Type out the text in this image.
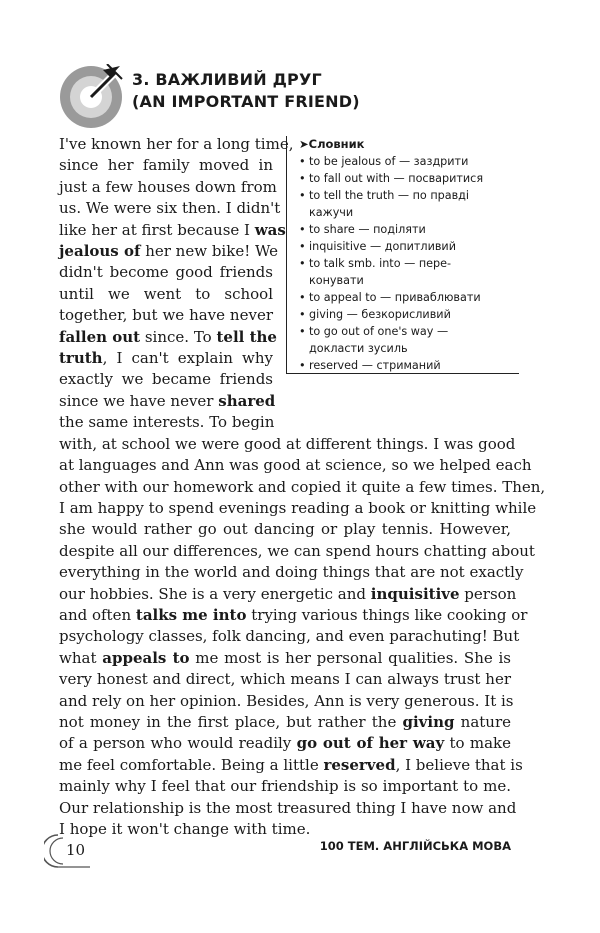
3. ВАЖЛИВИЙ ДРУГ
(AN IMPORTANT FRIEND)
➤Словник
• to be jealous of — заздрити
• to fall out with — посваритися
• to tell the truth — по правді
кажучи
• to share — поділяти
• inquisitive — допитливий
• to talk smb. into — пере-
конувати
• to appeal to — приваблювати
• giving — безкорисливий
• to go out of one's way —
докласти зусиль
• reserved — стриманий
I've known her for a long time,
since her family moved in
just a few houses down from
us. We were six then. I didn't
like her at first because I was
jealous of her new bike! We
didn't become good friends
until we went to school
together, but we have never
fallen out since. To tell the
truth, I can't explain why
exactly we became friends
since we have never shared
the same interests. To begin
with, at school we were good at different things. I was good
at languages and Ann was good at science, so we helped each
other with our homework and copied it quite a few times. Then,
I am happy to spend evenings reading a book or knitting while
she would rather go out dancing or play tennis. However,
despite all our differences, we can spend hours chatting about
everything in the world and doing things that are not exactly
our hobbies. She is a very energetic and inquisitive person
and often talks me into trying various things like cooking or
psychology classes, folk dancing, and even parachuting! But
what appeals to me most is her personal qualities. She is
very honest and direct, which means I can always trust her
and rely on her opinion. Besides, Ann is very generous. It is
not money in the first place, but rather the giving nature
of a person who would readily go out of her way to make
me feel comfortable. Being a little reserved, I believe that is
mainly why I feel that our friendship is so important to me.
Our relationship is the most treasured thing I have now and
I hope it won't change with time.
10	100 ТЕМ. АНГЛІЙСЬКА МОВА
